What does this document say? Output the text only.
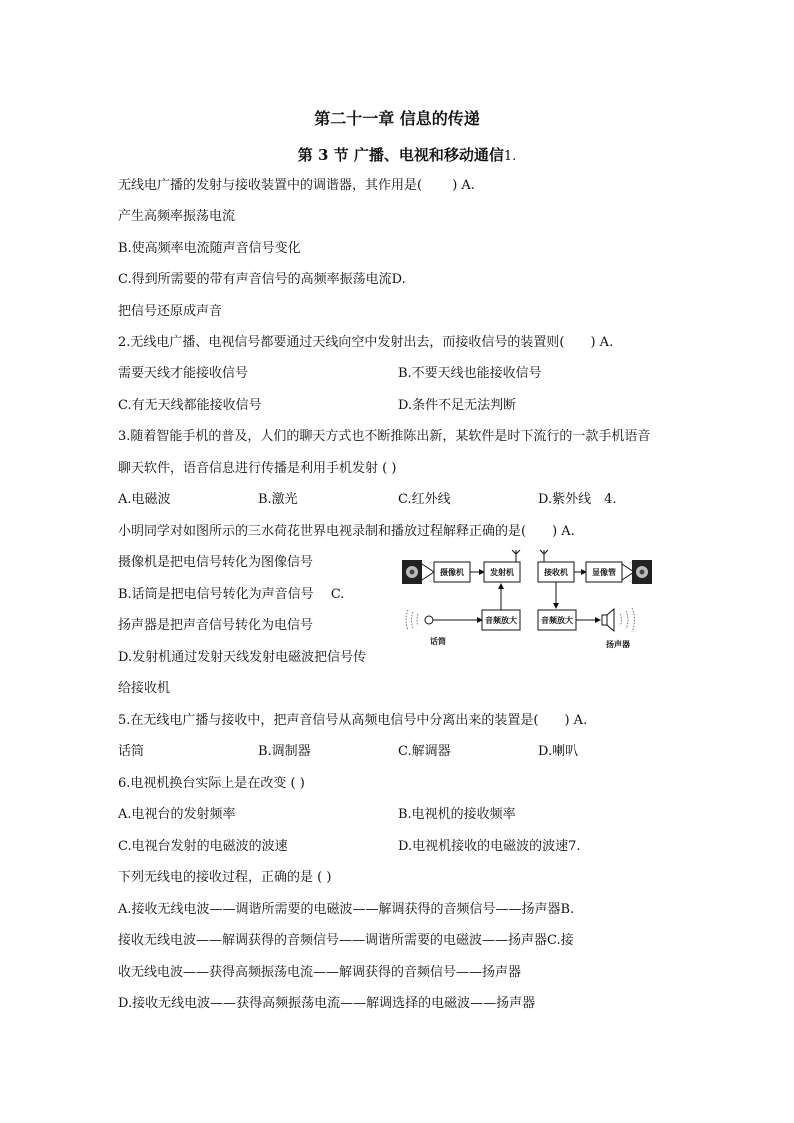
第二十一章 信息的传递
第 3 节 广播、电视和移动通信1.
无线电广播的发射与接收装置中的调谐器，其作用是(　　 ) A.
产生高频率振荡电流
B.使高频率电流随声音信号变化
C.得到所需要的带有声音信号的高频率振荡电流D.
把信号还原成声音
2.无线电广播、电视信号都要通过天线向空中发射出去，而接收信号的装置则(　　) A.
需要天线才能接收信号	B.不要天线也能接收信号
C.有无天线都能接收信号	D.条件不足无法判断
3.随着智能手机的普及，人们的聊天方式也不断推陈出新，某软件是时下流行的一款手机语音
聊天软件，语音信息进行传播是利用手机发射 ( )
A.电磁波	B.激光	C.红外线	D.紫外线　4.
小明同学对如图所示的三水荷花世界电视录制和播放过程解释正确的是(　　) A.
摄像机是把电信号转化为图像信号
B.话筒是把电信号转化为声音信号　 C.
扬声器是把声音信号转化为电信号
D.发射机通过发射天线发射电磁波把信号传
给接收机
摄像机	发射机
话筒
音频放大
接收机	显像管
音频放大
扬声器
5.在无线电广播与接收中，把声音信号从高频电信号中分离出来的装置是(　　) A.
话筒	B.调制器	C.解调器	D.喇叭
6.电视机换台实际上是在改变 ( )
A.电视台的发射频率	B.电视机的接收频率
C.电视台发射的电磁波的波速	D.电视机接收的电磁波的波速7.
下列无线电的接收过程，正确的是 ( )
A.接收无线电波——调谐所需要的电磁波——解调获得的音频信号——扬声器B.
接收无线电波——解调获得的音频信号——调谐所需要的电磁波——扬声器C.接
收无线电波——获得高频振荡电流——解调获得的音频信号——扬声器
D.接收无线电波——获得高频振荡电流——解调选择的电磁波——扬声器
